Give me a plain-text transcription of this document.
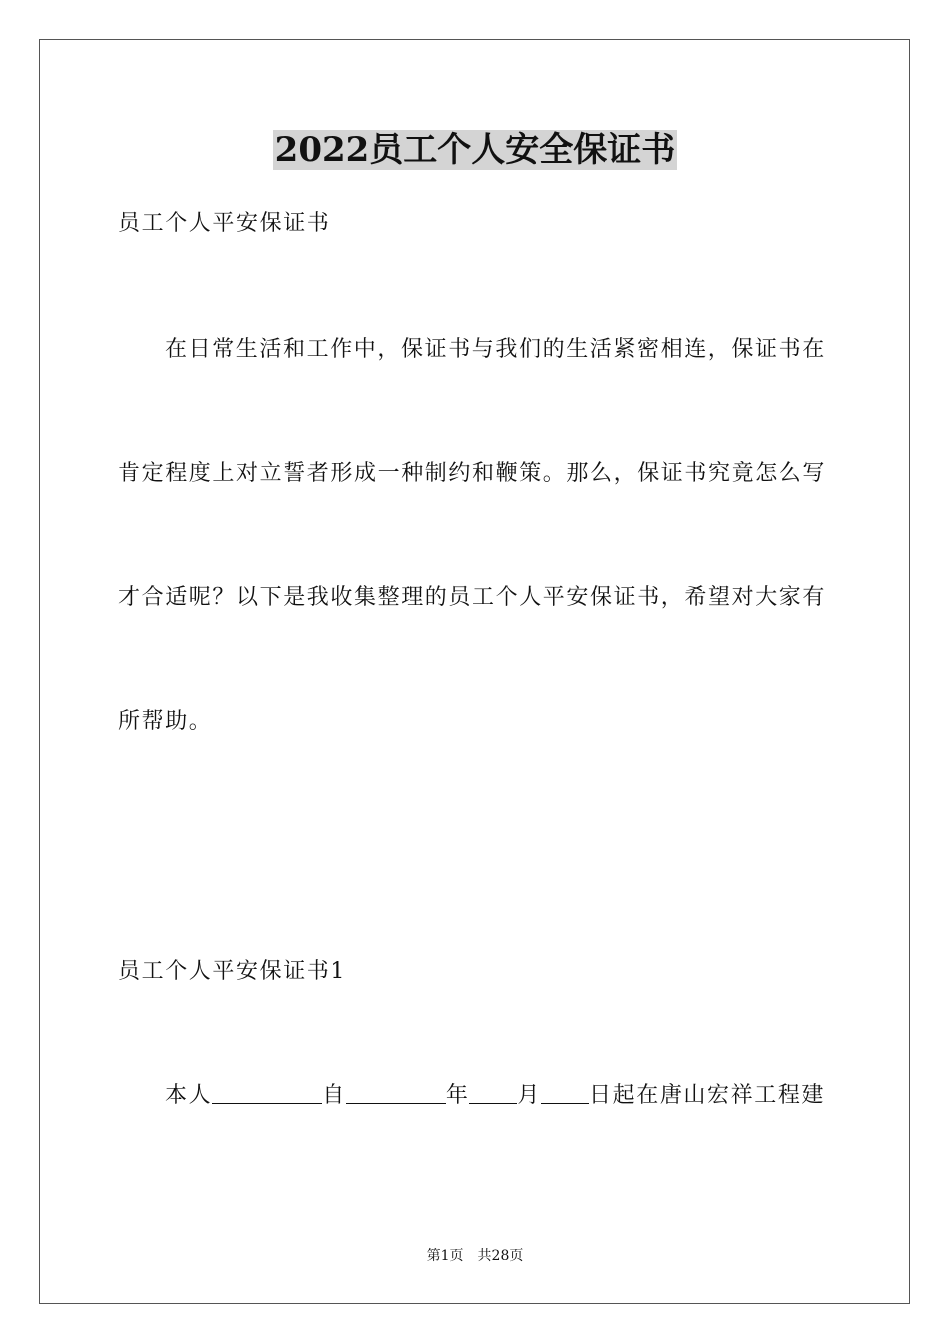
2022员工个人安全保证书
员工个人平安保证书
在日常生活和工作中，保证书与我们的生活紧密相连，保证书在
肯定程度上对立誓者形成一种制约和鞭策。那么，保证书究竟怎么写
才合适呢？以下是我收集整理的员工个人平安保证书，希望对大家有
所帮助。
员工个人平安保证书1
本人	自	年 月 日起在唐山宏祥工程建
第1页 共28页
